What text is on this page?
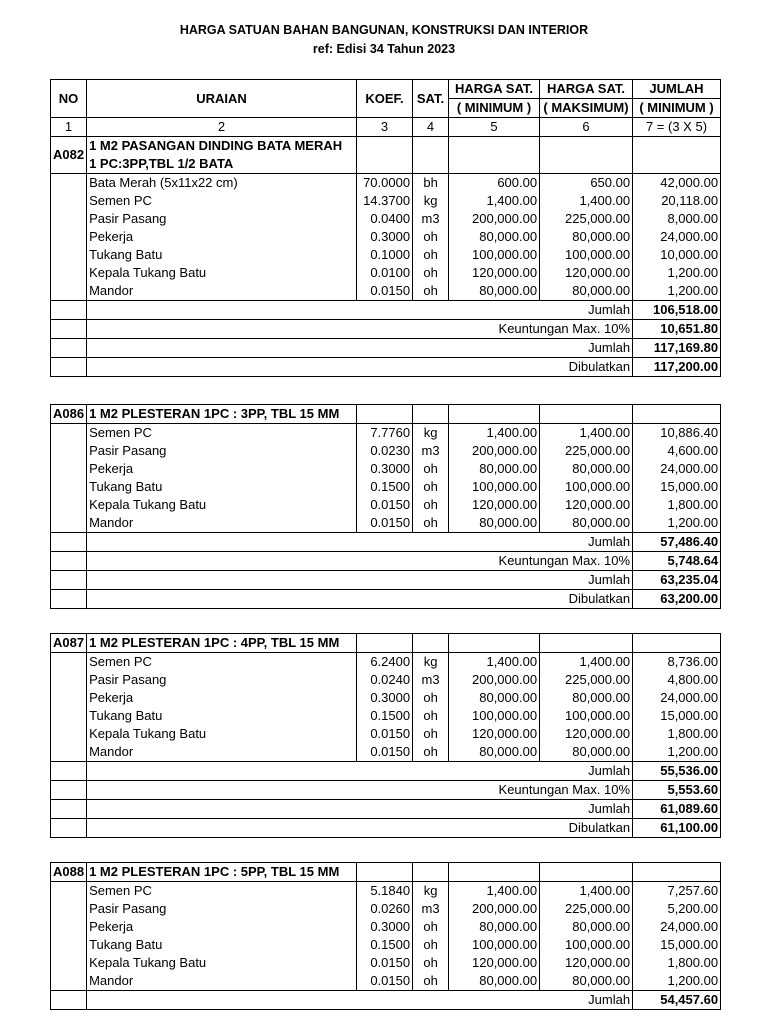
HARGA SATUAN BAHAN BANGUNAN, KONSTRUKSI DAN INTERIOR
ref: Edisi 34 Tahun 2023
NO	URAIAN	KOEF.	SAT.	HARGA SAT.	HARGA SAT.	JUMLAH
				( MINIMUM )	( MAKSIMUM)	( MINIMUM )
1	2	3	4	5	6	7 = (3 X 5)
A082	1 M2 PASANGAN DINDING BATA MERAH					
	1 PC:3PP,TBL 1/2 BATA					
	Bata Merah (5x11x22 cm)	70.0000	bh	600.00	650.00	42,000.00
	Semen PC	14.3700	kg	1,400.00	1,400.00	20,118.00
	Pasir Pasang	0.0400	m3	200,000.00	225,000.00	8,000.00
	Pekerja	0.3000	oh	80,000.00	80,000.00	24,000.00
	Tukang Batu	0.1000	oh	100,000.00	100,000.00	10,000.00
	Kepala Tukang Batu	0.0100	oh	120,000.00	120,000.00	1,200.00
	Mandor	0.0150	oh	80,000.00	80,000.00	1,200.00
	Jumlah					106,518.00
	Keuntungan Max. 10%					10,651.80
	Jumlah					117,169.80
	Dibulatkan					117,200.00
A086	1 M2 PLESTERAN 1PC : 3PP, TBL 15 MM					
	Semen PC	7.7760	kg	1,400.00	1,400.00	10,886.40
	Pasir Pasang	0.0230	m3	200,000.00	225,000.00	4,600.00
	Pekerja	0.3000	oh	80,000.00	80,000.00	24,000.00
	Tukang Batu	0.1500	oh	100,000.00	100,000.00	15,000.00
	Kepala Tukang Batu	0.0150	oh	120,000.00	120,000.00	1,800.00
	Mandor	0.0150	oh	80,000.00	80,000.00	1,200.00
	Jumlah					57,486.40
	Keuntungan Max. 10%					5,748.64
	Jumlah					63,235.04
	Dibulatkan					63,200.00
A087	1 M2 PLESTERAN 1PC : 4PP, TBL 15 MM					
	Semen PC	6.2400	kg	1,400.00	1,400.00	8,736.00
	Pasir Pasang	0.0240	m3	200,000.00	225,000.00	4,800.00
	Pekerja	0.3000	oh	80,000.00	80,000.00	24,000.00
	Tukang Batu	0.1500	oh	100,000.00	100,000.00	15,000.00
	Kepala Tukang Batu	0.0150	oh	120,000.00	120,000.00	1,800.00
	Mandor	0.0150	oh	80,000.00	80,000.00	1,200.00
	Jumlah					55,536.00
	Keuntungan Max. 10%					5,553.60
	Jumlah					61,089.60
	Dibulatkan					61,100.00
A088	1 M2 PLESTERAN 1PC : 5PP, TBL 15 MM					
	Semen PC	5.1840	kg	1,400.00	1,400.00	7,257.60
	Pasir Pasang	0.0260	m3	200,000.00	225,000.00	5,200.00
	Pekerja	0.3000	oh	80,000.00	80,000.00	24,000.00
	Tukang Batu	0.1500	oh	100,000.00	100,000.00	15,000.00
	Kepala Tukang Batu	0.0150	oh	120,000.00	120,000.00	1,800.00
	Mandor	0.0150	oh	80,000.00	80,000.00	1,200.00
	Jumlah					54,457.60
